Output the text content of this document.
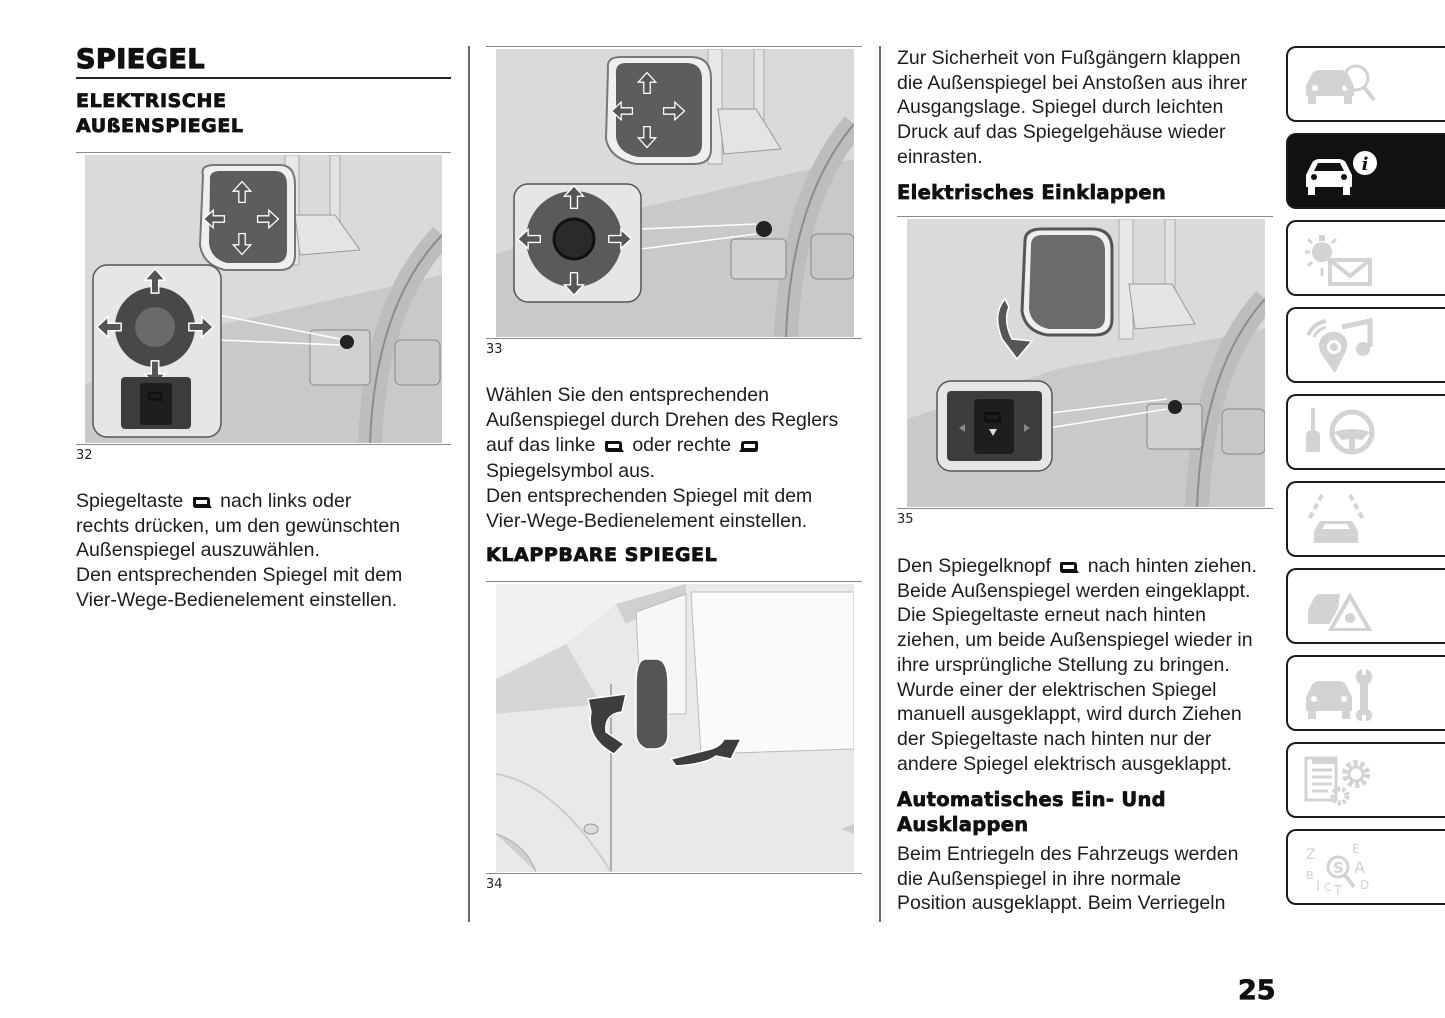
SPIEGEL
ELEKTRISCHE
AUßENSPIEGEL
32

Spiegeltaste  nach links oder

rechts drücken, um den gewünschten

Außenspiegel auszuwählen.

Den entsprechenden Spiegel mit dem

Vier-Wege-Bedienelement einstellen.

33

Wählen Sie den entsprechenden

Außenspiegel durch Drehen des Reglers

auf das linke  oder rechte

Spiegelsymbol aus.

Den entsprechenden Spiegel mit dem

Vier-Wege-Bedienelement einstellen.

KLAPPBARE SPIEGEL
34

Zur Sicherheit von Fußgängern klappen

die Außenspiegel bei Anstoßen aus ihrer

Ausgangslage. Spiegel durch leichten

Druck auf das Spiegelgehäuse wieder

einrasten.

Elektrisches Einklappen
35

Den Spiegelknopf  nach hinten ziehen.

Beide Außenspiegel werden eingeklappt.

Die Spiegeltaste erneut nach hinten

ziehen, um beide Außenspiegel wieder in

ihre ursprüngliche Stellung zu bringen.

Wurde einer der elektrischen Spiegel

manuell ausgeklappt, wird durch Ziehen

der Spiegeltaste nach hinten nur der

andere Spiegel elektrisch ausgeklappt.

Automatisches Ein- Und
Ausklappen

Beim Entriegeln des Fahrzeugs werden

die Außenspiegel in ihre normale

Position ausgeklappt. Beim Verriegeln

i
Z
B
I C T
E
A
D
S
25
